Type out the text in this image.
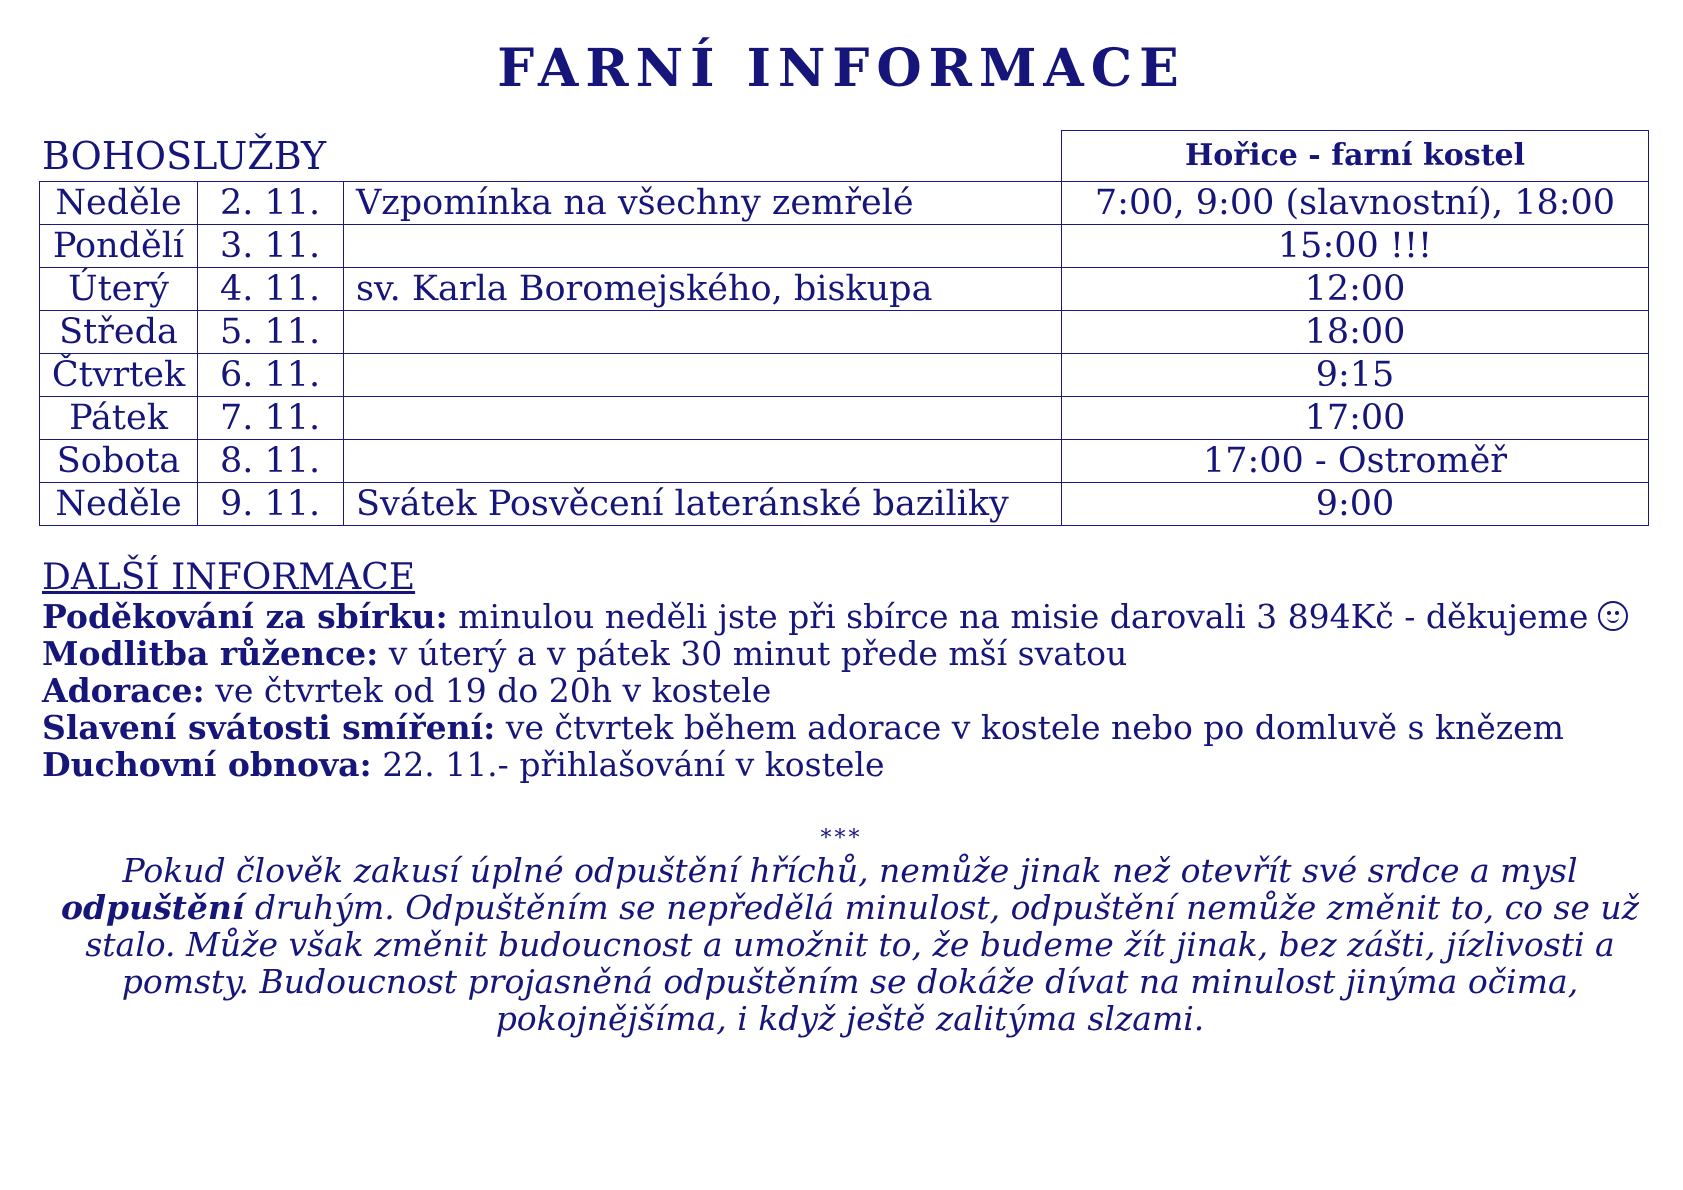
FARNÍ INFORMACE
BOHOSLUŽBY
			Hořice - farní kostel
Neděle	2. 11.	Vzpomínka na všechny zemřelé	7:00, 9:00 (slavnostní), 18:00
Pondělí	3. 11.		15:00 !!!
Úterý	4. 11.	sv. Karla Boromejského, biskupa	12:00
Středa	5. 11.		18:00
Čtvrtek	6. 11.		9:15
Pátek	7. 11.		17:00
Sobota	8. 11.		17:00 - Ostroměř
Neděle	9. 11.	Svátek Posvěcení lateránské baziliky	9:00
DALŠÍ INFORMACE
Poděkování za sbírku: minulou neděli jste při sbírce na misie darovali 3 894Kč - děkujeme
Modlitba růžence: v úterý a v pátek 30 minut přede mší svatou
Adorace: ve čtvrtek od 19 do 20h v kostele
Slavení svátosti smíření: ve čtvrtek během adorace v kostele nebo po domluvě s knězem
Duchovní obnova: 22. 11.- přihlašování v kostele
***
Pokud člověk zakusí úplné odpuštění hříchů, nemůže jinak než otevřít své srdce a mysl odpuštění druhým. Odpuštěním se nepředělá minulost, odpuštění nemůže změnit to, co se už stalo. Může však změnit budoucnost a umožnit to, že budeme žít jinak, bez zášti, jízlivosti a pomsty. Budoucnost projasněná odpuštěním se dokáže dívat na minulost jinýma očima, pokojnějšíma, i když ještě zalitýma slzami.
